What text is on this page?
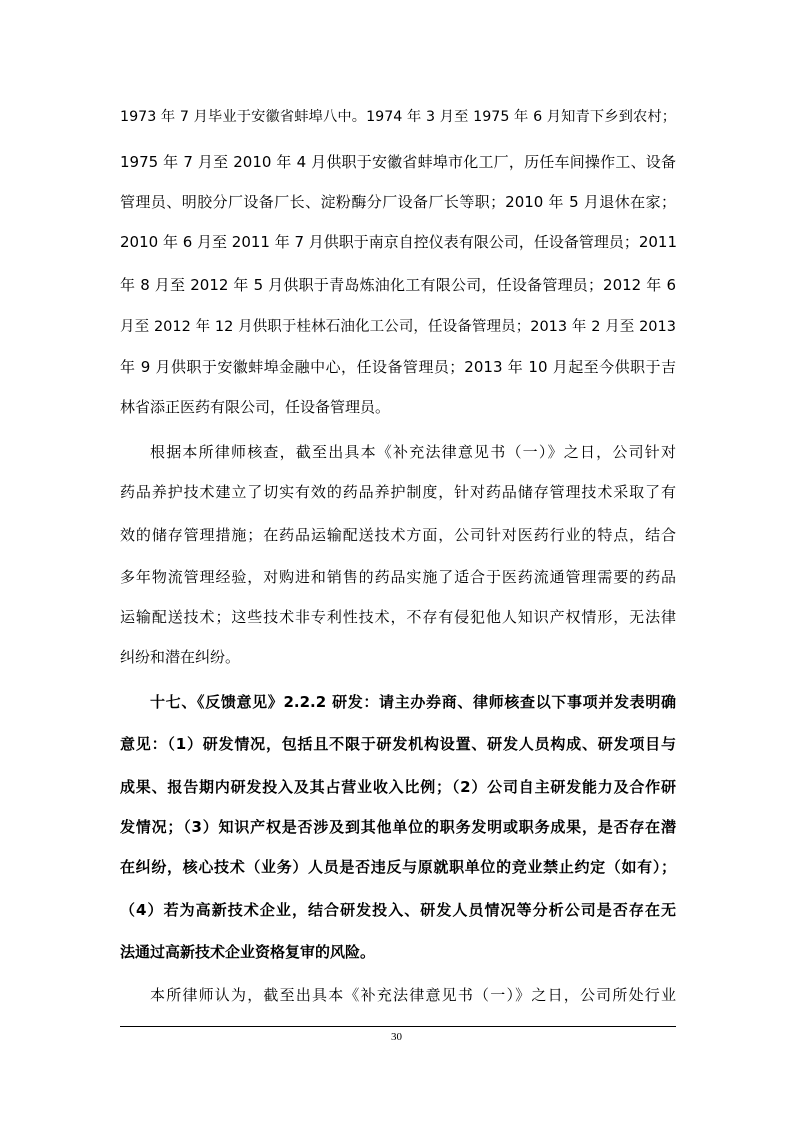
1973 年 7 月毕业于安徽省蚌埠八中。1974 年 3 月至 1975 年 6 月知青下乡到农村；
1975 年 7 月至 2010 年 4 月供职于安徽省蚌埠市化工厂，历任车间操作工、设备
管理员、明胶分厂设备厂长、淀粉酶分厂设备厂长等职；2010 年 5 月退休在家；
2010 年 6 月至 2011 年 7 月供职于南京自控仪表有限公司，任设备管理员；2011
年 8 月至 2012 年 5 月供职于青岛炼油化工有限公司，任设备管理员；2012 年 6
月至 2012 年 12 月供职于桂林石油化工公司，任设备管理员；2013 年 2 月至 2013
年 9 月供职于安徽蚌埠金融中心，任设备管理员；2013 年 10 月起至今供职于吉
林省添正医药有限公司，任设备管理员。
根据本所律师核查，截至出具本《补充法律意见书（一）》之日，公司针对
药品养护技术建立了切实有效的药品养护制度，针对药品储存管理技术采取了有
效的储存管理措施；在药品运输配送技术方面，公司针对医药行业的特点，结合
多年物流管理经验，对购进和销售的药品实施了适合于医药流通管理需要的药品
运输配送技术；这些技术非专利性技术，不存有侵犯他人知识产权情形，无法律
纠纷和潜在纠纷。
十七、《反馈意见》2.2.2 研发：请主办券商、律师核查以下事项并发表明确
意见：（1）研发情况，包括且不限于研发机构设置、研发人员构成、研发项目与
成果、报告期内研发投入及其占营业收入比例；（2）公司自主研发能力及合作研
发情况；（3）知识产权是否涉及到其他单位的职务发明或职务成果，是否存在潜
在纠纷，核心技术（业务）人员是否违反与原就职单位的竞业禁止约定（如有）；
（4）若为高新技术企业，结合研发投入、研发人员情况等分析公司是否存在无
法通过高新技术企业资格复审的风险。
本所律师认为，截至出具本《补充法律意见书（一）》之日，公司所处行业
30
